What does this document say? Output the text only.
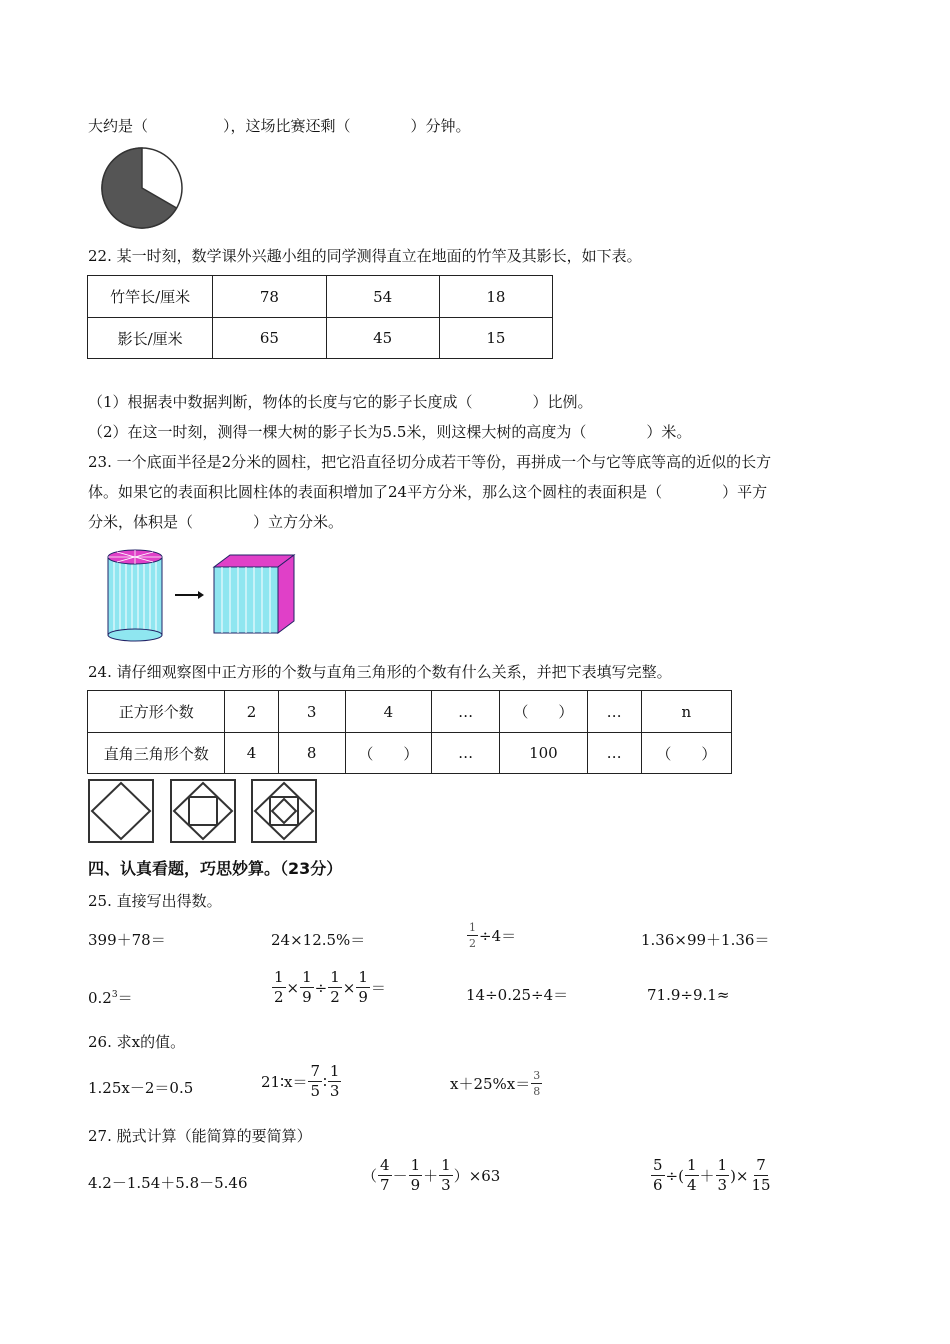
大约是（　　　　　），这场比赛还剩（　　　　）分钟。
22. 某一时刻，数学课外兴趣小组的同学测得直立在地面的竹竿及其影长，如下表。
竹竿长/厘米	78	54	18
影长/厘米	65	45	15
（1）根据表中数据判断，物体的长度与它的影子长度成（　　　　）比例。
（2）在这一时刻，测得一棵大树的影子长为5.5米，则这棵大树的高度为（　　　　）米。
23. 一个底面半径是2分米的圆柱，把它沿直径切分成若干等份，再拼成一个与它等底等高的近似的长方
体。如果它的表面积比圆柱体的表面积增加了24平方分米，那么这个圆柱的表面积是（　　　　）平方
分米，体积是（　　　　）立方分米。
24. 请仔细观察图中正方形的个数与直角三角形的个数有什么关系，并把下表填写完整。
正方形个数	2	3	4	…	（　　）	…	n
直角三角形个数	4	8	（　　）	…	100	…	（　　）
四、认真看题，巧思妙算。（23分）
25. 直接写出得数。
399＋78＝	24×12.5%＝	$\frac{1}{2} \div 4=$	1.36×99＋1.36＝
$0.2^3=$	$\frac{1}{2} \times \frac{1}{9} \div \frac{1}{2} \times \frac{1}{9}$ ＝	14÷0.25÷4＝	71.9÷9.1≈
26. 求x的值。
1.25x－2＝0.5	21∶x＝ $\frac{7}{5}$ ∶ $\frac{1}{3}$	$x+25\%x= \frac{3}{8}$
27. 脱式计算（能简算的要简算）
4.2－1.54＋5.8－5.46	（ $\frac{4}{7} - \frac{1}{9} + \frac{1}{3} )\times 63$	$\frac{5}{6}$ ÷( $\frac{1}{4} + \frac{1}{3}$ )× $\frac{7}{15}$
